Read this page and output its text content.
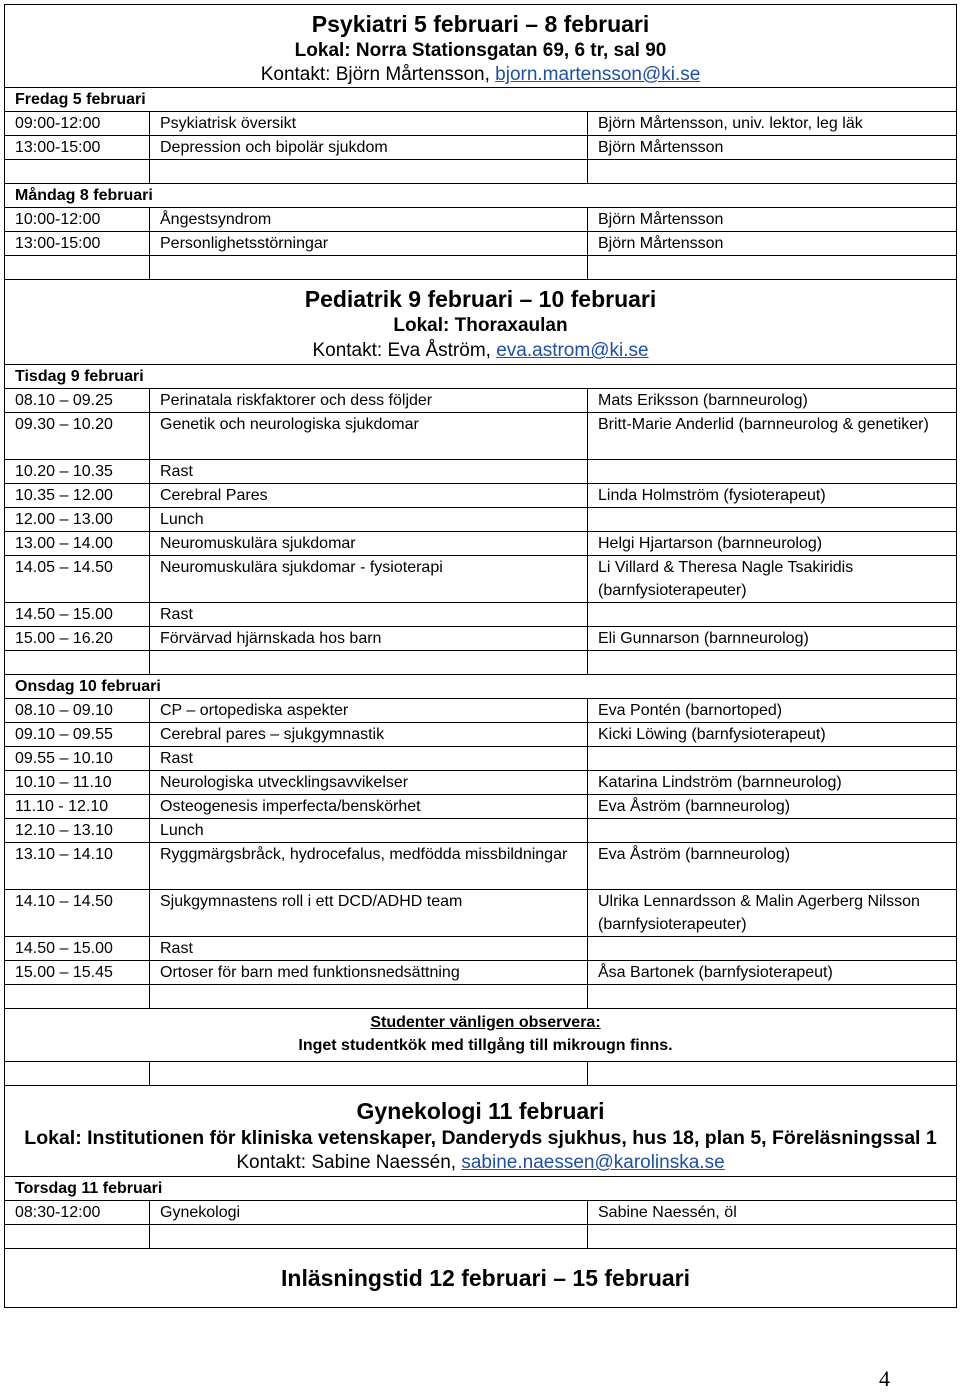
Psykiatri 5 februari – 8 februari
Lokal: Norra Stationsgatan 69, 6 tr, sal 90
Kontakt: Björn Mårtensson, bjorn.martensson@ki.se		

Fredag 5 februari		
09:00-12:00	Psykiatrisk översikt	Björn Mårtensson, univ. lektor, leg läk
13:00-15:00	Depression och bipolär sjukdom	Björn Mårtensson

Måndag 8 februari		
10:00-12:00	Ångestsyndrom	Björn Mårtensson
13:00-15:00	Personlighetsstörningar	Björn Mårtensson

Pediatrik 9 februari – 10 februari
Lokal: Thoraxaulan
Kontakt: Eva Åström, eva.astrom@ki.se		

Tisdag 9 februari		
08.10 – 09.25	Perinatala riskfaktorer och dess följder	Mats Eriksson (barnneurolog)
09.30 – 10.20	Genetik och neurologiska sjukdomar	Britt-Marie Anderlid (barnneurolog & genetiker)
10.20 – 10.35	Rast	
10.35 – 12.00	Cerebral Pares	Linda Holmström (fysioterapeut)
12.00 – 13.00	Lunch	
13.00 – 14.00	Neuromuskulära sjukdomar	Helgi Hjartarson (barnneurolog)
14.05 – 14.50	Neuromuskulära sjukdomar - fysioterapi	Li Villard & Theresa Nagle Tsakiridis (barnfysioterapeuter)
14.50 – 15.00	Rast	
15.00 – 16.20	Förvärvad hjärnskada hos barn	Eli Gunnarson (barnneurolog)

Onsdag 10 februari		
08.10 – 09.10	CP – ortopediska aspekter	Eva Pontén (barnortoped)
09.10 – 09.55	Cerebral pares – sjukgymnastik	Kicki Löwing (barnfysioterapeut)
09.55 – 10.10	Rast	
10.10 – 11.10	Neurologiska utvecklingsavvikelser	Katarina Lindström (barnneurolog)
11.10 - 12.10	Osteogenesis imperfecta/benskörhet	Eva Åström (barnneurolog)
12.10 – 13.10	Lunch	
13.10 – 14.10	Ryggmärgsbråck, hydrocefalus, medfödda missbildningar	Eva Åström (barnneurolog)
14.10 – 14.50	Sjukgymnastens roll i ett DCD/ADHD team	Ulrika Lennardsson & Malin Agerberg Nilsson (barnfysioterapeuter)
14.50 – 15.00	Rast	
15.00 – 15.45	Ortoser för barn med funktionsnedsättning	Åsa Bartonek (barnfysioterapeut)

Studenter vänligen observera:
Inget studentkök med tillgång till mikrougn finns.		

Gynekologi 11 februari
Lokal: Institutionen för kliniska vetenskaper, Danderyds sjukhus, hus 18, plan 5, Föreläsningssal 1
Kontakt: Sabine Naessén, sabine.naessen@karolinska.se		

Torsdag 11 februari		
08:30-12:00	Gynekologi	Sabine Naessén, öl

Inläsningstid 12 februari – 15 februari		
4
